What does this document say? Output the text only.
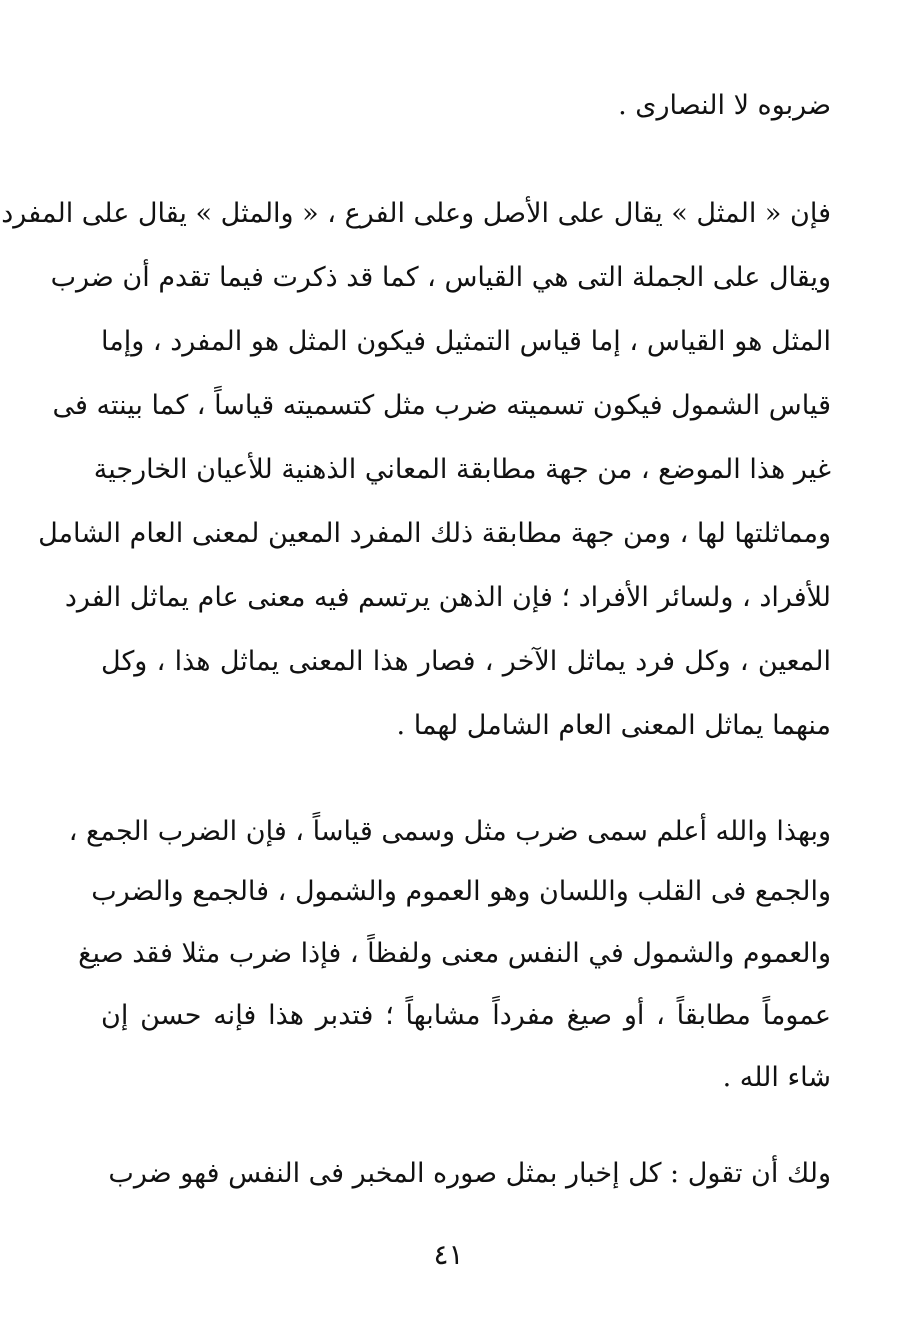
ضربوه لا النصارى .
فإن « المثل » يقال على الأصل وعلى الفرع ، « والمثل » يقال على المفرد
ويقال على الجملة التى هي القياس ، كما قد ذكرت فيما تقدم أن ضرب
المثل هو القياس ، إما قياس التمثيل فيكون المثل هو المفرد ، وإما
قياس الشمول فيكون تسميته ضرب مثل كتسميته قياساً ، كما بينته فى
غير هذا الموضع ، من جهة مطابقة المعاني الذهنية للأعيان الخارجية
ومماثلتها لها ، ومن جهة مطابقة ذلك المفرد المعين لمعنى العام الشامل
للأفراد ، ولسائر الأفراد ؛ فإن الذهن يرتسم فيه معنى عام يماثل الفرد
المعين ، وكل فرد يماثل الآخر ، فصار هذا المعنى يماثل هذا ، وكل
منهما يماثل المعنى العام الشامل لهما .
وبهذا والله أعلم سمى ضرب مثل وسمى قياساً ، فإن الضرب الجمع ،
والجمع فى القلب واللسان وهو العموم والشمول ، فالجمع والضرب
والعموم والشمول في النفس معنى ولفظاً ، فإذا ضرب مثلا فقد صيغ
عموماً مطابقاً ، أو صيغ مفرداً مشابهاً ؛ فتدبر هذا فإنه حسن إن
شاء الله .
ولك أن تقول : كل إخبار بمثل صوره المخبر فى النفس فهو ضرب
٤١
